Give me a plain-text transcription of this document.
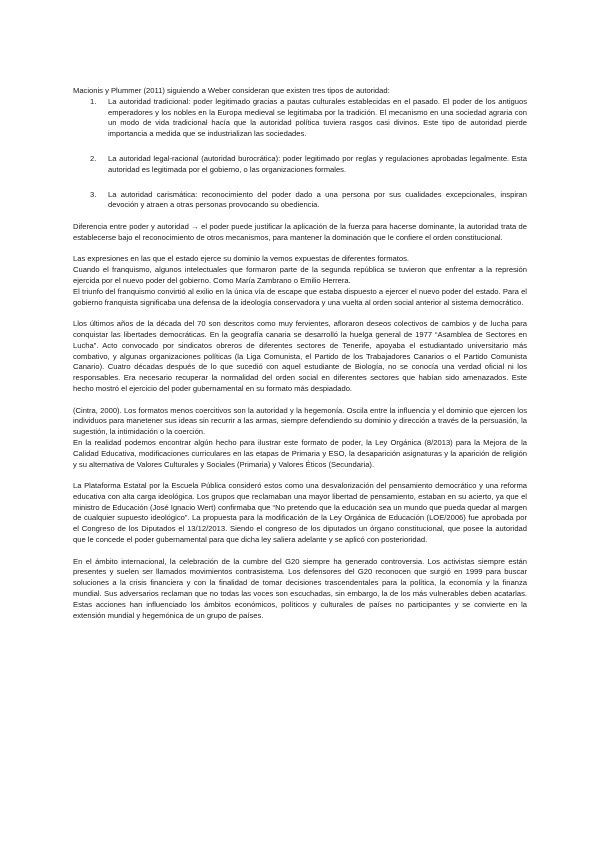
Macionis y Plummer (2011) siguiendo a Weber consideran que existen tres tipos de autoridad:

1.	La autoridad tradicional: poder legitimado gracias a pautas culturales establecidas en el pasado. El poder de los antiguos emperadores y los nobles en la Europa medieval se legitimaba por la tradición. El mecanismo en una sociedad agraria con un modo de vida tradicional hacía que la autoridad política tuviera rasgos casi divinos. Este tipo de autoridad pierde importancia a medida que se industrializan las sociedades.
2.	La autoridad legal-racional (autoridad burocrática): poder legitimado por reglas y regulaciones aprobadas legalmente. Esta autoridad es legitimada por el gobierno, o las organizaciones formales.
3.	La autoridad carismática: reconocimiento del poder dado a una persona por sus cualidades excepcionales, inspiran devoción y atraen a otras personas provocando su obediencia.

Diferencia entre poder y autoridad → el poder puede justificar la aplicación de la fuerza para hacerse dominante, la autoridad trata de establecerse bajo el reconocimiento de otros mecanismos, para mantener la dominación que le confiere el orden constitucional.

Las expresiones en las que el estado ejerce su dominio la vemos expuestas de diferentes formatos.

Cuando el franquismo, algunos intelectuales que formaron parte de la segunda república se tuvieron que enfrentar a la represión ejercida por el nuevo poder del gobierno. Como María Zambrano o Emilio Herrera.

El triunfo del franquismo convirtió al exilio en la única vía de escape que estaba dispuesto a ejercer el nuevo poder del estado. Para el gobierno franquista significaba una defensa de la ideología conservadora y una vuelta al orden social anterior al sistema democrático.

Llos últimos años de la década del 70 son descritos como muy fervientes, afloraron deseos colectivos de cambios y de lucha para conquistar las libertades democráticas. En la geografía canaria se desarrolló la huelga general de 1977 “Asamblea de Sectores en Lucha”. Acto convocado por sindicatos obreros de diferentes sectores de Tenerife, apoyaba el estudiantado universitario más combativo, y algunas organizaciones políticas (la Liga Comunista, el Partido de los Trabajadores Canarios o el Partido Comunista Canario). Cuatro décadas después de lo que sucedió con aquel estudiante de Biología, no se conocía una verdad oficial ni los responsables. Era necesario recuperar la normalidad del orden social en diferentes sectores que habían sido amenazados. Este hecho mostró el ejercicio del poder gubernamental en su formato más despiadado.

(Cintra, 2000). Los formatos menos coercitivos son la autoridad y la hegemonía. Oscila entre la influencia y el dominio que ejercen los individuos para manetener sus ideas sin recurrir a las armas, siempre defendiendo su dominio y dirección a través de la persuasión, la sugestión, la intimidación o la coerción.

En la realidad podemos encontrar algún hecho para ilustrar este formato de poder, la Ley Orgánica (8/2013) para la Mejora de la Calidad Educativa, modificaciones curriculares en las etapas de Primaria y ESO, la desaparición asignaturas y la aparición de religión y su alternativa de Valores Culturales y Sociales (Primaria) y Valores Éticos (Secundaria).

La Plataforma Estatal por la Escuela Pública consideró estos como una desvalorización del pensamiento democrático y una reforma educativa con alta carga ideológica. Los grupos que reclamaban una mayor libertad de pensamiento, estaban en su acierto, ya que el ministro de Educación (José Ignacio Wert) confirmaba que “No pretendo que la educación sea un mundo que pueda quedar al margen de cualquier supuesto ideológico”. La propuesta para la modificación de la Ley Orgánica de Educación (LOE/2006) fue aprobada por el Congreso de los Diputados el 13/12/2013. Siendo el congreso de los diputados un órgano constitucional, que posee la autoridad que le concede el poder gubernamental para que dicha ley saliera adelante y se aplicó con posterioridad.

En el ámbito internacional, la celebración de la cumbre del G20 siempre ha generado controversia. Los activistas siempre están presentes y suelen ser llamados movimientos contrasistema. Los defensores del G20 reconocen que surgió en 1999 para buscar soluciones a la crisis financiera y con la finalidad de tomar decisiones trascendentales para la política, la economía y la finanza mundial. Sus adversarios reclaman que no todas las voces son escuchadas, sin embargo, la de los más vulnerables deben acatarlas. Estas acciones han influenciado los ámbitos económicos, políticos y culturales de países no participantes y se convierte en la extensión mundial y hegemónica de un grupo de países.
